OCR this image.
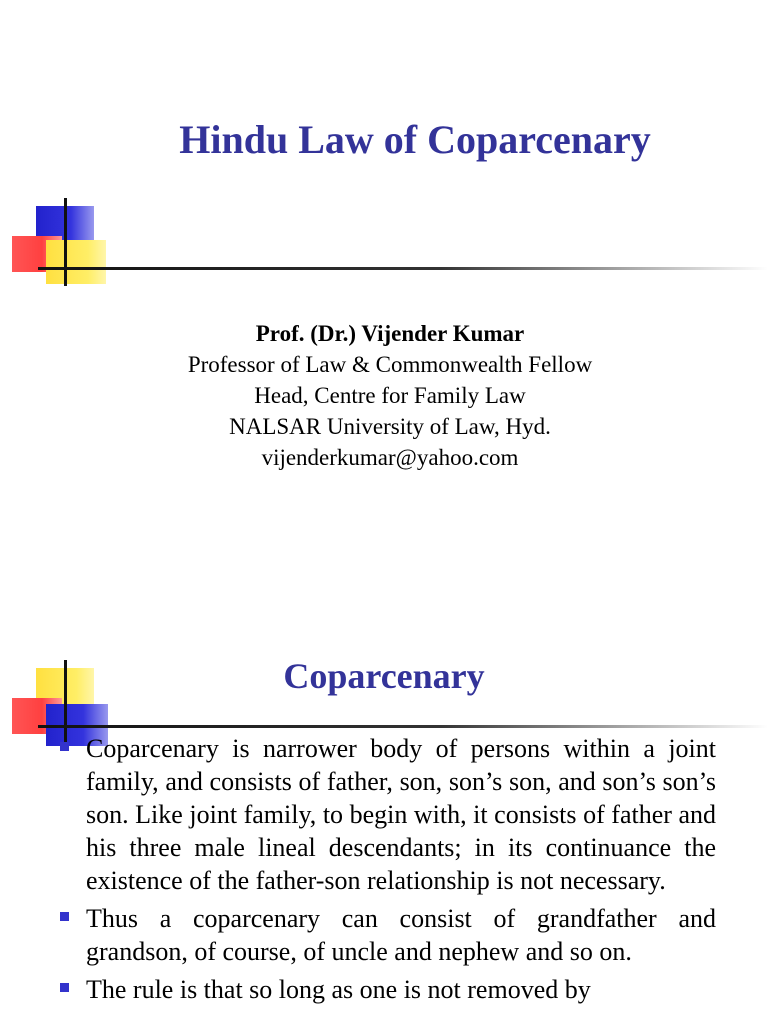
Hindu Law of Coparcenary
Prof. (Dr.) Vijender Kumar
Professor of Law & Commonwealth Fellow
Head, Centre for Family Law
NALSAR University of Law, Hyd.
vijenderkumar@yahoo.com
Coparcenary
Coparcenary is narrower body of persons within a joint family, and consists of father, son, son’s son, and son’s son’s son. Like joint family, to begin with, it consists of father and his three male lineal descendants; in its continuance the existence of the father-son relationship is not necessary.
Thus a coparcenary can consist of grandfather and grandson, of course, of uncle and nephew and so on.
The rule is that so long as one is not removed by
